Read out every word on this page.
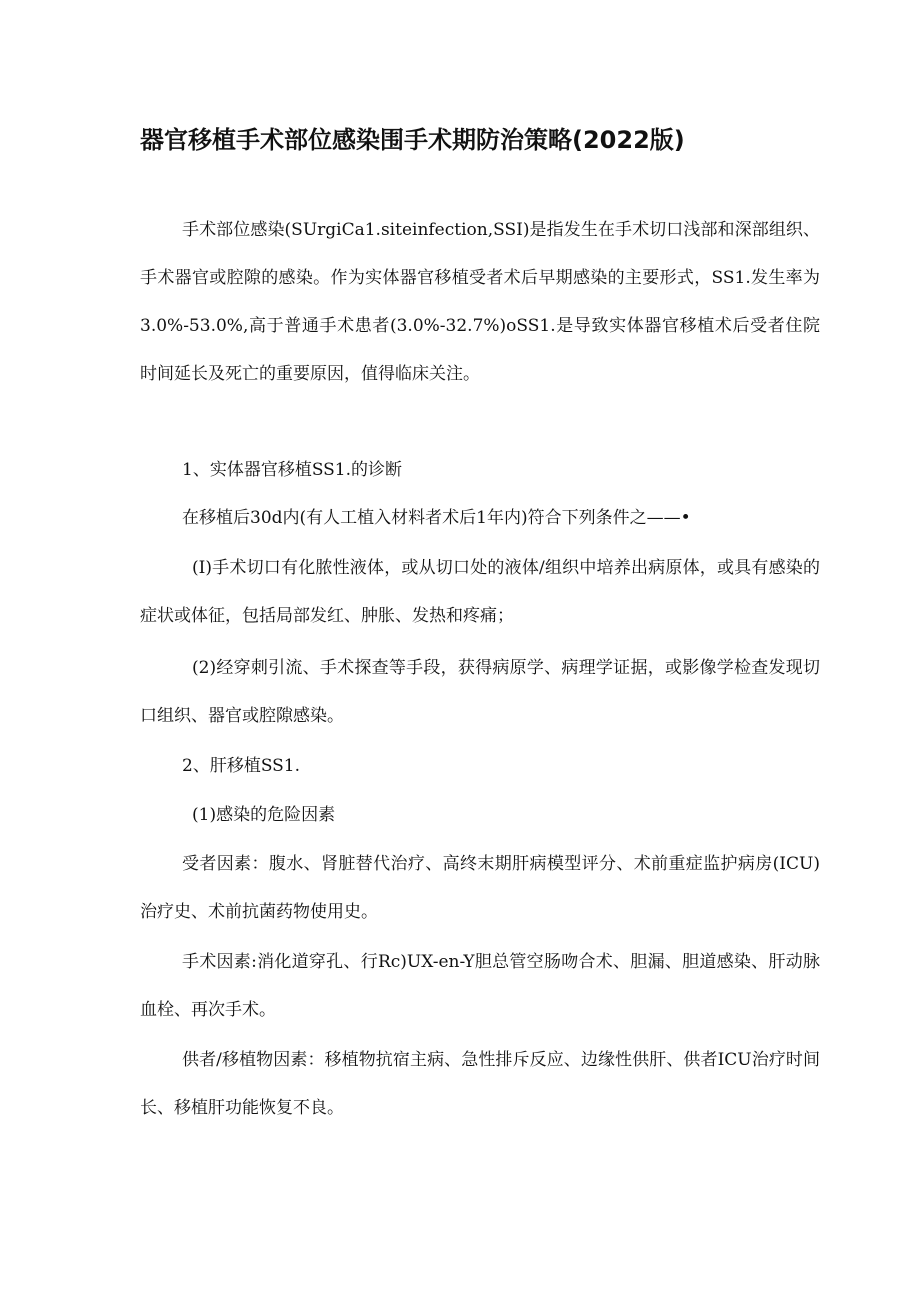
器官移植手术部位感染围手术期防治策略(2022版)

手术部位感染(SUrgiCa1.siteinfection,SSI)是指发生在手术切口浅部和深部组织、手术器官或腔隙的感染。作为实体器官移植受者术后早期感染的主要形式，SS1.发生率为3.0%-53.0%,高于普通手术患者(3.0%-32.7%)oSS1.是导致实体器官移植术后受者住院时间延长及死亡的重要原因，值得临床关注。

1、实体器官移植SS1.的诊断

在移植后30d内(有人工植入材料者术后1年内)符合下列条件之——•

(I)手术切口有化脓性液体，或从切口处的液体/组织中培养出病原体，或具有感染的症状或体征，包括局部发红、肿胀、发热和疼痛；

(2)经穿刺引流、手术探查等手段，获得病原学、病理学证据，或影像学检查发现切口组织、器官或腔隙感染。

2、肝移植SS1.
(1)感染的危险因素

受者因素：腹水、肾脏替代治疗、高终末期肝病模型评分、术前重症监护病房(ICU)治疗史、术前抗菌药物使用史。

手术因素:消化道穿孔、行Rc)UX-en-Y胆总管空肠吻合术、胆漏、胆道感染、肝动脉血栓、再次手术。

供者/移植物因素：移植物抗宿主病、急性排斥反应、边缘性供肝、供者ICU治疗时间长、移植肝功能恢复不良。
